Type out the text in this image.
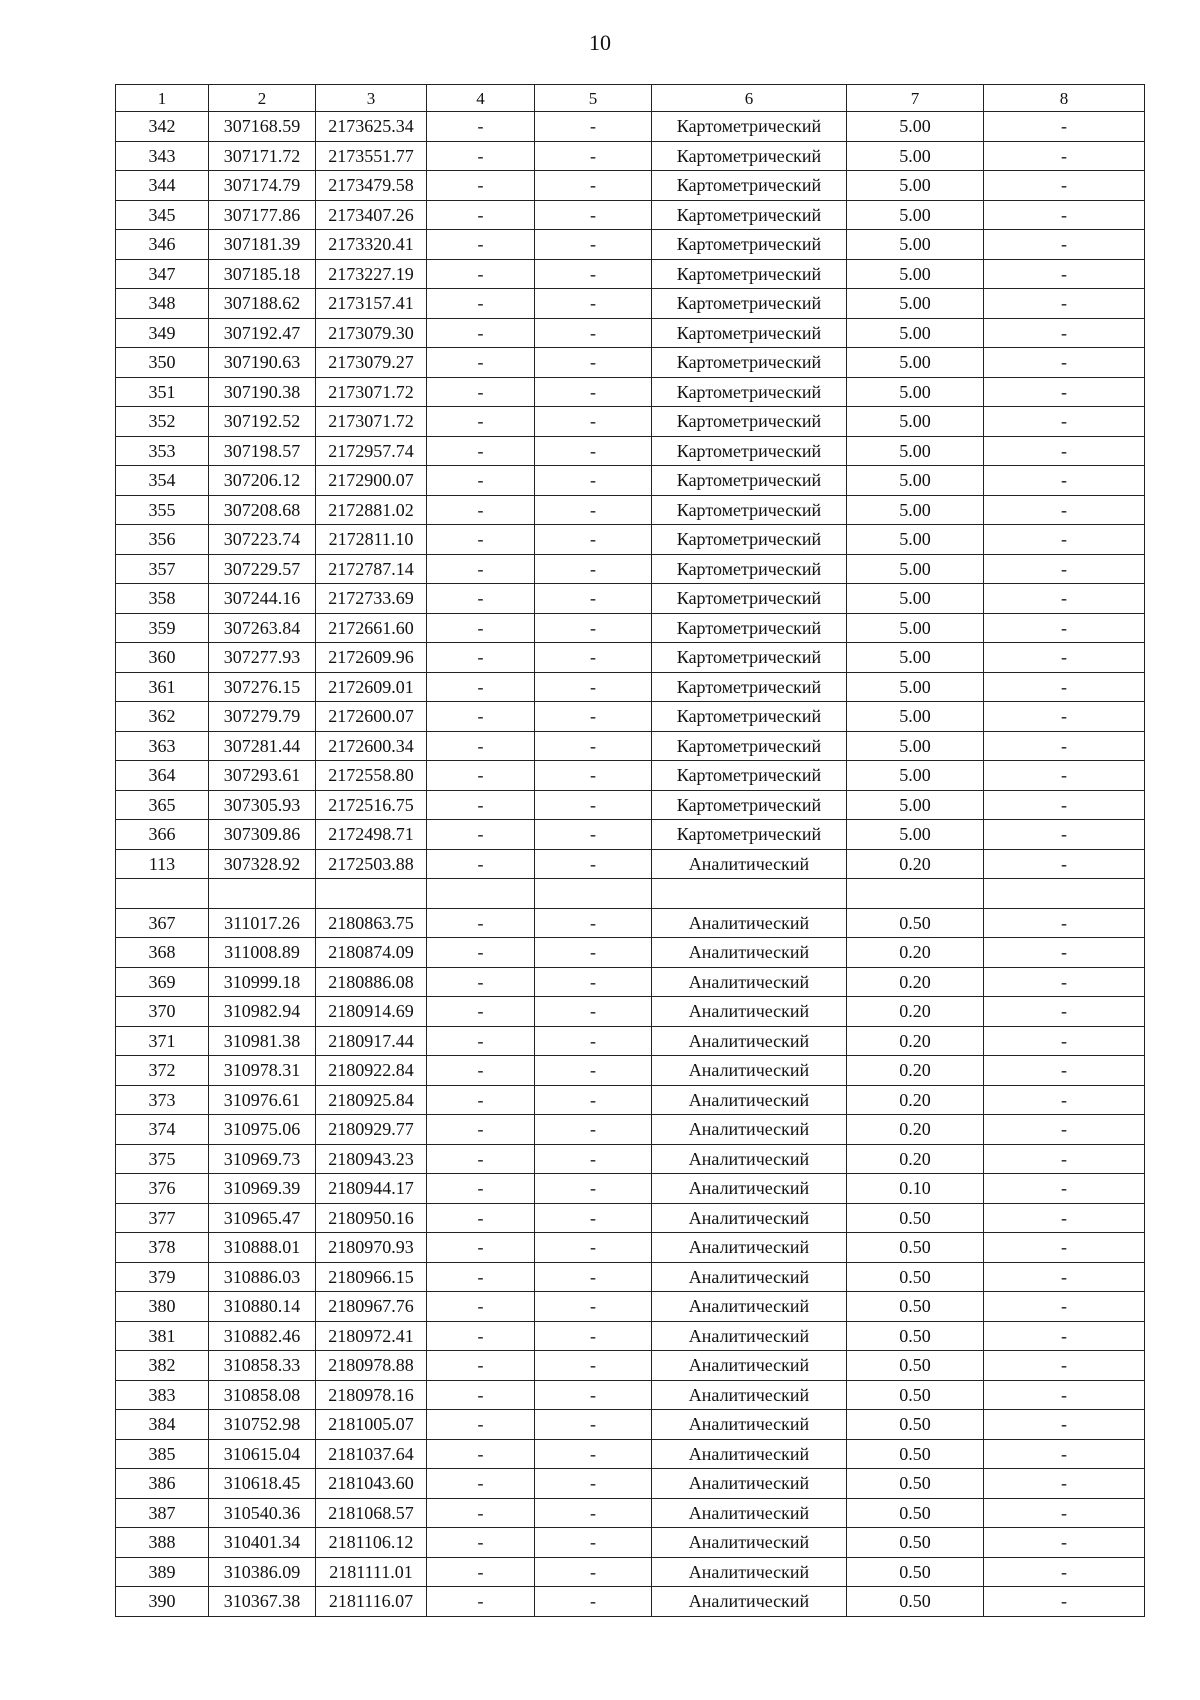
10
1	2	3	4	5	6	7	8
342	307168.59	2173625.34	-	-	Картометрический	5.00	-
343	307171.72	2173551.77	-	-	Картометрический	5.00	-
344	307174.79	2173479.58	-	-	Картометрический	5.00	-
345	307177.86	2173407.26	-	-	Картометрический	5.00	-
346	307181.39	2173320.41	-	-	Картометрический	5.00	-
347	307185.18	2173227.19	-	-	Картометрический	5.00	-
348	307188.62	2173157.41	-	-	Картометрический	5.00	-
349	307192.47	2173079.30	-	-	Картометрический	5.00	-
350	307190.63	2173079.27	-	-	Картометрический	5.00	-
351	307190.38	2173071.72	-	-	Картометрический	5.00	-
352	307192.52	2173071.72	-	-	Картометрический	5.00	-
353	307198.57	2172957.74	-	-	Картометрический	5.00	-
354	307206.12	2172900.07	-	-	Картометрический	5.00	-
355	307208.68	2172881.02	-	-	Картометрический	5.00	-
356	307223.74	2172811.10	-	-	Картометрический	5.00	-
357	307229.57	2172787.14	-	-	Картометрический	5.00	-
358	307244.16	2172733.69	-	-	Картометрический	5.00	-
359	307263.84	2172661.60	-	-	Картометрический	5.00	-
360	307277.93	2172609.96	-	-	Картометрический	5.00	-
361	307276.15	2172609.01	-	-	Картометрический	5.00	-
362	307279.79	2172600.07	-	-	Картометрический	5.00	-
363	307281.44	2172600.34	-	-	Картометрический	5.00	-
364	307293.61	2172558.80	-	-	Картометрический	5.00	-
365	307305.93	2172516.75	-	-	Картометрический	5.00	-
366	307309.86	2172498.71	-	-	Картометрический	5.00	-
113	307328.92	2172503.88	-	-	Аналитический	0.20	-

367	311017.26	2180863.75	-	-	Аналитический	0.50	-
368	311008.89	2180874.09	-	-	Аналитический	0.20	-
369	310999.18	2180886.08	-	-	Аналитический	0.20	-
370	310982.94	2180914.69	-	-	Аналитический	0.20	-
371	310981.38	2180917.44	-	-	Аналитический	0.20	-
372	310978.31	2180922.84	-	-	Аналитический	0.20	-
373	310976.61	2180925.84	-	-	Аналитический	0.20	-
374	310975.06	2180929.77	-	-	Аналитический	0.20	-
375	310969.73	2180943.23	-	-	Аналитический	0.20	-
376	310969.39	2180944.17	-	-	Аналитический	0.10	-
377	310965.47	2180950.16	-	-	Аналитический	0.50	-
378	310888.01	2180970.93	-	-	Аналитический	0.50	-
379	310886.03	2180966.15	-	-	Аналитический	0.50	-
380	310880.14	2180967.76	-	-	Аналитический	0.50	-
381	310882.46	2180972.41	-	-	Аналитический	0.50	-
382	310858.33	2180978.88	-	-	Аналитический	0.50	-
383	310858.08	2180978.16	-	-	Аналитический	0.50	-
384	310752.98	2181005.07	-	-	Аналитический	0.50	-
385	310615.04	2181037.64	-	-	Аналитический	0.50	-
386	310618.45	2181043.60	-	-	Аналитический	0.50	-
387	310540.36	2181068.57	-	-	Аналитический	0.50	-
388	310401.34	2181106.12	-	-	Аналитический	0.50	-
389	310386.09	2181111.01	-	-	Аналитический	0.50	-
390	310367.38	2181116.07	-	-	Аналитический	0.50	-
